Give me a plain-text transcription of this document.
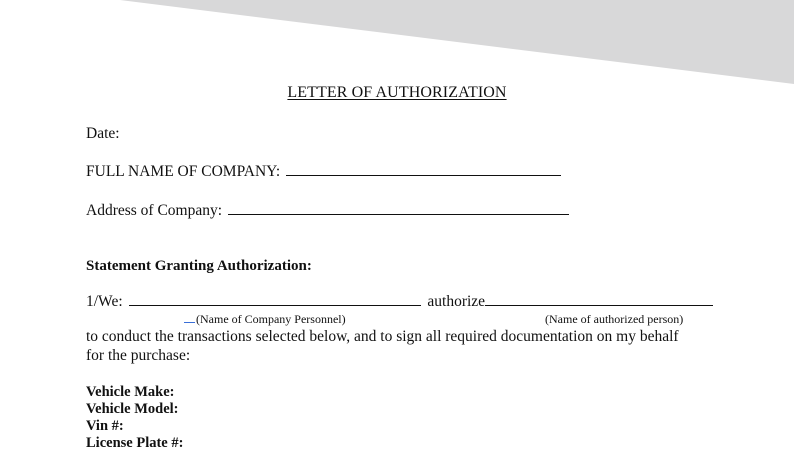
LETTER OF AUTHORIZATION
Date:
FULL NAME OF COMPANY:
Address of Company:
Statement Granting Authorization:
1/We:	authorize
(Name of Company Personnel)	(Name of authorized person)
to conduct the transactions selected below, and to sign all required documentation on my behalf
for the purchase:
Vehicle Make:
Vehicle Model:
Vin #:
License Plate #:
